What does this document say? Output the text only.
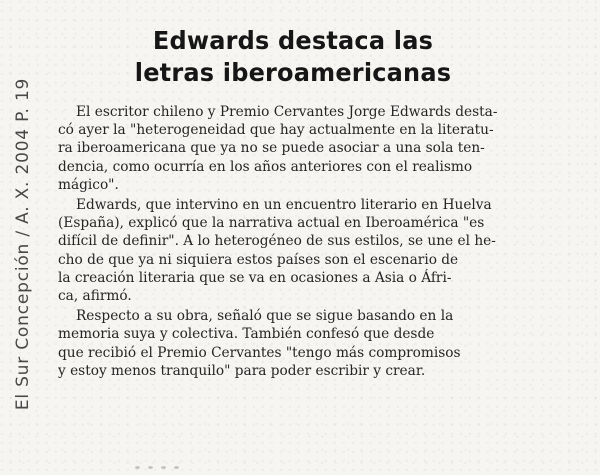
El Sur Concepción / A. X. 2004 P. 19
Edwards destaca las
letras iberoamericanas

El escritor chileno y Premio Cervantes Jorge Edwards desta-
có ayer la "heterogeneidad que hay actualmente en la literatu-
ra iberoamericana que ya no se puede asociar a una sola ten-
dencia, como ocurría en los años anteriores con el realismo
mágico".

Edwards, que intervino en un encuentro literario en Huelva
(España), explicó que la narrativa actual en Iberoamérica "es
difícil de definir". A lo heterogéneo de sus estilos, se une el he-
cho de que ya ni siquiera estos países son el escenario de
la creación literaria que se va en ocasiones a Asia o Áfri-
ca, afirmó.

Respecto a su obra, señaló que se sigue basando en la
memoria suya y colectiva. También confesó que desde
que recibió el Premio Cervantes "tengo más compromisos
y estoy menos tranquilo" para poder escribir y crear.
